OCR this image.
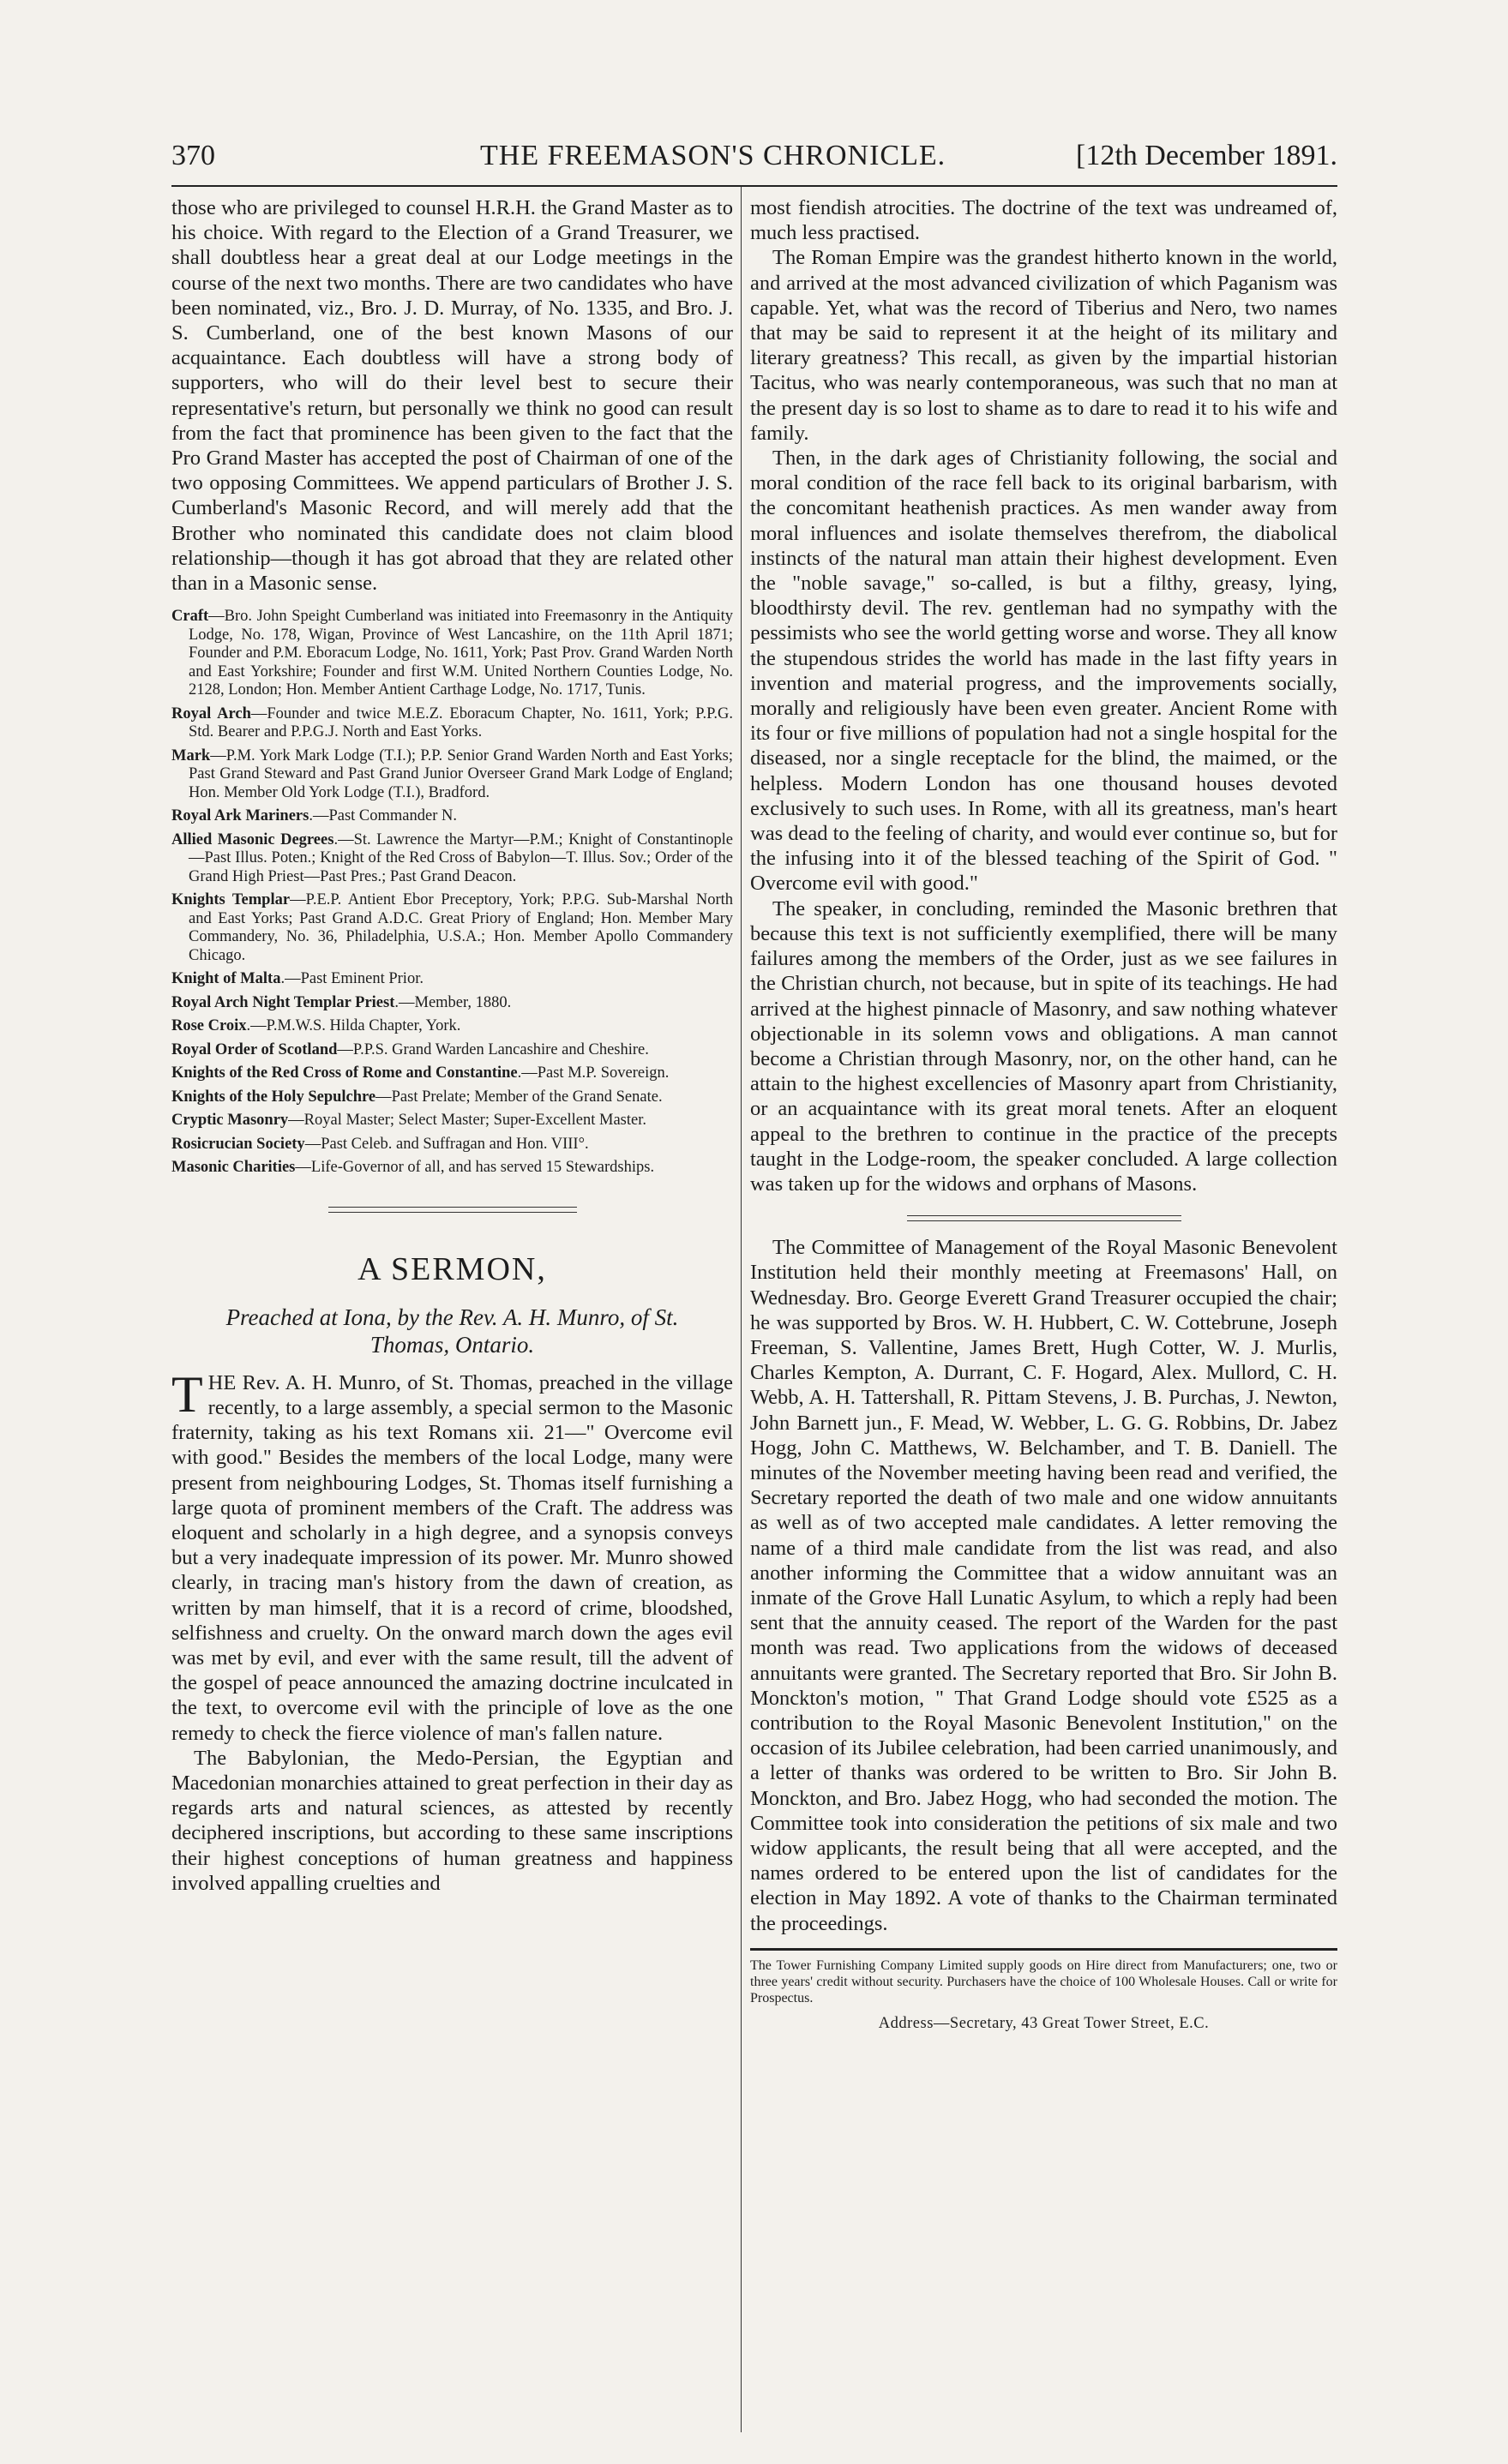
370	THE FREEMASON'S CHRONICLE.	[12th December 1891.

those who are privileged to counsel H.R.H. the Grand Master as to his choice. With regard to the Election of a Grand Treasurer, we shall doubtless hear a great deal at our Lodge meetings in the course of the next two months. There are two candidates who have been nominated, viz., Bro. J. D. Murray, of No. 1335, and Bro. J. S. Cumberland, one of the best known Masons of our acquaintance. Each doubtless will have a strong body of supporters, who will do their level best to secure their representative's return, but personally we think no good can result from the fact that prominence has been given to the fact that the Pro Grand Master has accepted the post of Chairman of one of the two opposing Committees. We append particulars of Brother J. S. Cumberland's Masonic Record, and will merely add that the Brother who nominated this candidate does not claim blood relationship—though it has got abroad that they are related other than in a Masonic sense.

Craft—Bro. John Speight Cumberland was initiated into Freemasonry in the Antiquity Lodge, No. 178, Wigan, Province of West Lancashire, on the 11th April 1871; Founder and P.M. Eboracum Lodge, No. 1611, York; Past Prov. Grand Warden North and East Yorkshire; Founder and first W.M. United Northern Counties Lodge, No. 2128, London; Hon. Member Antient Carthage Lodge, No. 1717, Tunis.
Royal Arch—Founder and twice M.E.Z. Eboracum Chapter, No. 1611, York; P.P.G. Std. Bearer and P.P.G.J. North and East Yorks.
Mark—P.M. York Mark Lodge (T.I.); P.P. Senior Grand Warden North and East Yorks; Past Grand Steward and Past Grand Junior Overseer Grand Mark Lodge of England; Hon. Member Old York Lodge (T.I.), Bradford.
Royal Ark Mariners.—Past Commander N.
Allied Masonic Degrees.—St. Lawrence the Martyr—P.M.; Knight of Constantinople—Past Illus. Poten.; Knight of the Red Cross of Babylon—T. Illus. Sov.; Order of the Grand High Priest—Past Pres.; Past Grand Deacon.
Knights Templar—P.E.P. Antient Ebor Preceptory, York; P.P.G. Sub-Marshal North and East Yorks; Past Grand A.D.C. Great Priory of England; Hon. Member Mary Commandery, No. 36, Philadelphia, U.S.A.; Hon. Member Apollo Commandery Chicago.
Knight of Malta.—Past Eminent Prior.
Royal Arch Night Templar Priest.—Member, 1880.
Rose Croix.—P.M.W.S. Hilda Chapter, York.
Royal Order of Scotland—P.P.S. Grand Warden Lancashire and Cheshire.
Knights of the Red Cross of Rome and Constantine.—Past M.P. Sovereign.
Knights of the Holy Sepulchre—Past Prelate; Member of the Grand Senate.
Cryptic Masonry—Royal Master; Select Master; Super-Excellent Master.
Rosicrucian Society—Past Celeb. and Suffragan and Hon. VIII°.
Masonic Charities—Life-Governor of all, and has served 15 Stewardships.
A SERMON,
Preached at Iona, by the Rev. A. H. Munro, of St. Thomas, Ontario.
T HE Rev. A. H. Munro, of St. Thomas, preached in the village recently, to a large assembly, a special sermon to the Masonic fraternity, taking as his text Romans xii. 21—" Overcome evil with good." Besides the members of the local Lodge, many were present from neighbouring Lodges, St. Thomas itself furnishing a large quota of prominent members of the Craft. The address was eloquent and scholarly in a high degree, and a synopsis conveys but a very inadequate impression of its power. Mr. Munro showed clearly, in tracing man's history from the dawn of creation, as written by man himself, that it is a record of crime, bloodshed, selfishness and cruelty. On the onward march down the ages evil was met by evil, and ever with the same result, till the advent of the gospel of peace announced the amazing doctrine inculcated in the text, to overcome evil with the principle of love as the one remedy to check the fierce violence of man's fallen nature.

The Babylonian, the Medo-Persian, the Egyptian and Macedonian monarchies attained to great perfection in their day as regards arts and natural sciences, as attested by recently deciphered inscriptions, but according to these same inscriptions their highest conceptions of human greatness and happiness involved appalling cruelties and

most fiendish atrocities. The doctrine of the text was undreamed of, much less practised.

The Roman Empire was the grandest hitherto known in the world, and arrived at the most advanced civilization of which Paganism was capable. Yet, what was the record of Tiberius and Nero, two names that may be said to represent it at the height of its military and literary greatness? This recall, as given by the impartial historian Tacitus, who was nearly contemporaneous, was such that no man at the present day is so lost to shame as to dare to read it to his wife and family.

Then, in the dark ages of Christianity following, the social and moral condition of the race fell back to its original barbarism, with the concomitant heathenish practices. As men wander away from moral influences and isolate themselves therefrom, the diabolical instincts of the natural man attain their highest development. Even the "noble savage," so-called, is but a filthy, greasy, lying, bloodthirsty devil. The rev. gentleman had no sympathy with the pessimists who see the world getting worse and worse. They all know the stupendous strides the world has made in the last fifty years in invention and material progress, and the improvements socially, morally and religiously have been even greater. Ancient Rome with its four or five millions of population had not a single hospital for the diseased, nor a single receptacle for the blind, the maimed, or the helpless. Modern London has one thousand houses devoted exclusively to such uses. In Rome, with all its greatness, man's heart was dead to the feeling of charity, and would ever continue so, but for the infusing into it of the blessed teaching of the Spirit of God. " Overcome evil with good."

The speaker, in concluding, reminded the Masonic brethren that because this text is not sufficiently exemplified, there will be many failures among the members of the Order, just as we see failures in the Christian church, not because, but in spite of its teachings. He had arrived at the highest pinnacle of Masonry, and saw nothing whatever objectionable in its solemn vows and obligations. A man cannot become a Christian through Masonry, nor, on the other hand, can he attain to the highest excellencies of Masonry apart from Christianity, or an acquaintance with its great moral tenets. After an eloquent appeal to the brethren to continue in the practice of the precepts taught in the Lodge-room, the speaker concluded. A large collection was taken up for the widows and orphans of Masons.

The Committee of Management of the Royal Masonic Benevolent Institution held their monthly meeting at Freemasons' Hall, on Wednesday. Bro. George Everett Grand Treasurer occupied the chair; he was supported by Bros. W. H. Hubbert, C. W. Cottebrune, Joseph Freeman, S. Vallentine, James Brett, Hugh Cotter, W. J. Murlis, Charles Kempton, A. Durrant, C. F. Hogard, Alex. Mullord, C. H. Webb, A. H. Tattershall, R. Pittam Stevens, J. B. Purchas, J. Newton, John Barnett jun., F. Mead, W. Webber, L. G. G. Robbins, Dr. Jabez Hogg, John C. Matthews, W. Belchamber, and T. B. Daniell. The minutes of the November meeting having been read and verified, the Secretary reported the death of two male and one widow annuitants as well as of two accepted male candidates. A letter removing the name of a third male candidate from the list was read, and also another informing the Committee that a widow annuitant was an inmate of the Grove Hall Lunatic Asylum, to which a reply had been sent that the annuity ceased. The report of the Warden for the past month was read. Two applications from the widows of deceased annuitants were granted. The Secretary reported that Bro. Sir John B. Monckton's motion, " That Grand Lodge should vote £525 as a contribution to the Royal Masonic Benevolent Institution," on the occasion of its Jubilee celebration, had been carried unanimously, and a letter of thanks was ordered to be written to Bro. Sir John B. Monckton, and Bro. Jabez Hogg, who had seconded the motion. The Committee took into consideration the petitions of six male and two widow applicants, the result being that all were accepted, and the names ordered to be entered upon the list of candidates for the election in May 1892. A vote of thanks to the Chairman terminated the proceedings.

The Tower Furnishing Company Limited supply goods on Hire direct from Manufacturers; one, two or three years' credit without security. Purchasers have the choice of 100 Wholesale Houses. Call or write for Prospectus.
Address—Secretary, 43 Great Tower Street, E.C.
